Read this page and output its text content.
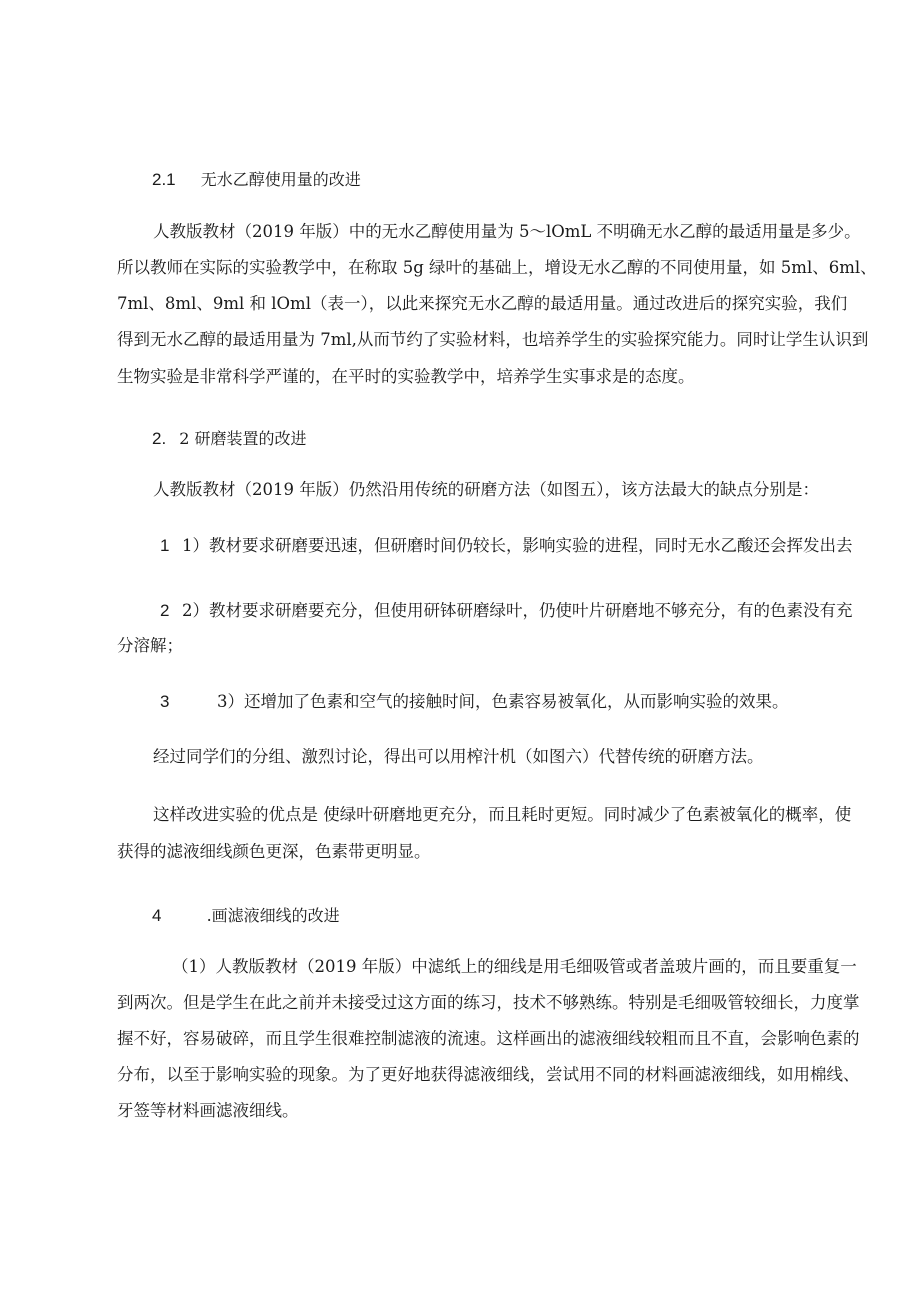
2.1 无水乙醇使用量的改进

人教版教材（2019 年版）中的无水乙醇使用量为 5～lOmL 不明确无水乙醇的最适用量是多少。

所以教师在实际的实验教学中，在称取 5g 绿叶的基础上，增设无水乙醇的不同使用量，如 5ml、6ml、

7ml、8ml、9ml 和 lOml（表一），以此来探究无水乙醇的最适用量。通过改进后的探究实验，我们

得到无水乙醇的最适用量为 7ml,从而节约了实验材料，也培养学生的实验探究能力。同时让学生认识到

生物实验是非常科学严谨的，在平时的实验教学中，培养学生实事求是的态度。

2. 2 研磨装置的改进

人教版教材（2019 年版）仍然沿用传统的研磨方法（如图五），该方法最大的缺点分别是：

1 1）教材要求研磨要迅速，但研磨时间仍较长，影响实验的进程，同时无水乙酸还会挥发出去
2 2）教材要求研磨要充分，但使用研钵研磨绿叶，仍使叶片研磨地不够充分，有的色素没有充
分溶解；
3	3）还增加了色素和空气的接触时间，色素容易被氧化，从而影响实验的效果。

经过同学们的分组、激烈讨论，得出可以用榨汁机（如图六）代替传统的研磨方法。

这样改进实验的优点是 使绿叶研磨地更充分，而且耗时更短。同时减少了色素被氧化的概率，使

获得的滤液细线颜色更深，色素带更明显。

4	.画滤液细线的改进

（1）人教版教材（2019 年版）中滤纸上的细线是用毛细吸管或者盖玻片画的，而且要重复一

到两次。但是学生在此之前并未接受过这方面的练习，技术不够熟练。特别是毛细吸管较细长，力度掌

握不好，容易破碎，而且学生很难控制滤液的流速。这样画出的滤液细线较粗而且不直，会影响色素的

分布，以至于影响实验的现象。为了更好地获得滤液细线，尝试用不同的材料画滤液细线，如用棉线、

牙签等材料画滤液细线。
